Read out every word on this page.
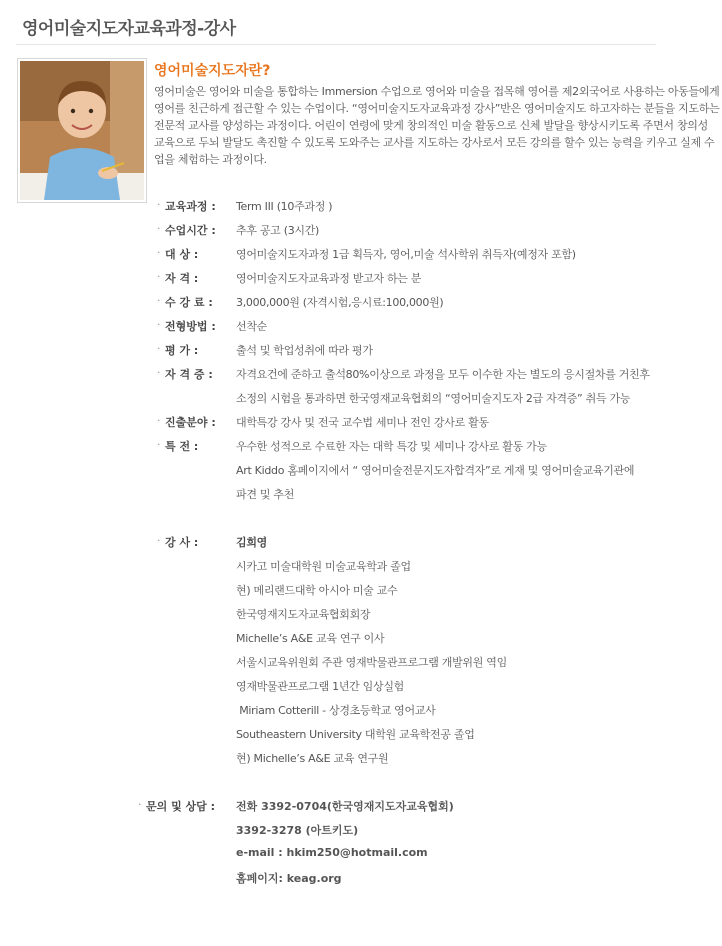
영어미술지도자교육과정-강사
영어미술지도자란?
영어미술은 영어와 미술을 통합하는 Immersion 수업으로 영어와 미술을 접목해 영어를 제2외국어로 사용하는 아동들에게 영어를 친근하게 접근할 수 있는 수업이다. “영어미술지도자교육과정 강사”반은 영어미술지도 하고자하는 분들을 지도하는 전문적 교사를 양성하는 과정이다. 어린이 연령에 맞게 창의적인 미술 활동으로 신체 발달을 향상시키도록 주면서 창의성 교육으로 두뇌 발달도 촉진할 수 있도록 도와주는 교사를 지도하는 강사로서 모든 강의를 할수 있는 능력을 키우고 실제 수업을 체험하는 과정이다.
· 교육과정 :	Term III (10주과정 )
· 수업시간 :	추후 공고 (3시간)
· 대 상 :	영어미술지도자과정 1급 획득자, 영어,미술 석사학위 취득자(예정자 포함)
· 자 격 :	영어미술지도자교육과정 받고자 하는 분
· 수 강 료 :	3,000,000원 (자격시험,응시료:100,000원)
· 전형방법 :	선착순
· 평 가 :	출석 및 학업성취에 따라 평가
· 자 격 증 :	자격요건에 준하고 출석80%이상으로 과정을 모두 이수한 자는 별도의 응시절차를 거친후
소정의 시험을 통과하면 한국영재교육협회의 “영어미술지도자 2급 자격증” 취득 가능
· 진출분야 :	대학특강 강사 및 전국 교수법 세미나 전인 강사로 활동
· 특 전 :	우수한 성적으로 수료한 자는 대학 특강 및 세미나 강사로 활동 가능
Art Kiddo 홈페이지에서 “ 영어미술전문지도자합격자”로 게재 및 영어미술교육기관에
파견 및 추천
· 강 사 :	김희영
시카고 미술대학원 미술교육학과 졸업
현) 메리랜드대학 아시아 미술 교수
한국영재지도자교육협회회장
Michelle’s A&E 교육 연구 이사
서울시교육위원회 주관 영재박물관프로그램 개발위원 역임
영재박물관프로그램 1년간 임상실험
Miriam Cotterill - 상경초등학교 영어교사
Southeastern University 대학원 교육학전공 졸업
현) Michelle’s A&E 교육 연구원
· 문의 및 상담 :	전화 3392-0704(한국영재지도자교육협회)
3392-3278 (아트키도)
e-mail : hkim250@hotmail.com
홈페이지: keag.org
